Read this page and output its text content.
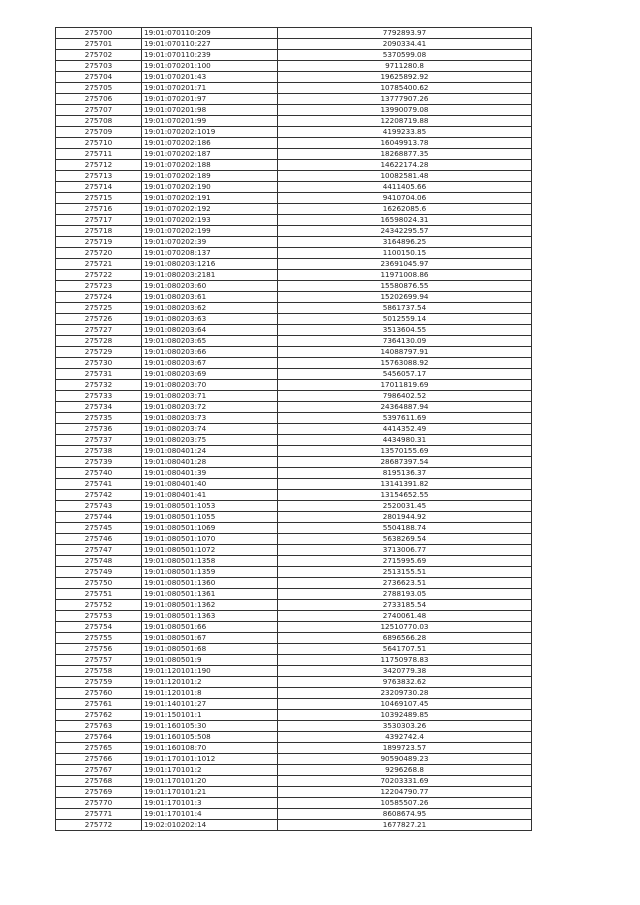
275700	19:01:070110:209	7792893.97
275701	19:01:070110:227	2090334.41
275702	19:01:070110:239	5370599.08
275703	19:01:070201:100	9711280.8
275704	19:01:070201:43	19625892.92
275705	19:01:070201:71	10785400.62
275706	19:01:070201:97	13777907.26
275707	19:01:070201:98	13990079.08
275708	19:01:070201:99	12208719.88
275709	19:01:070202:1019	4199233.85
275710	19:01:070202:186	16049913.78
275711	19:01:070202:187	18268877.35
275712	19:01:070202:188	14622174.28
275713	19:01:070202:189	10082581.48
275714	19:01:070202:190	4411405.66
275715	19:01:070202:191	9410704.06
275716	19:01:070202:192	16262085.6
275717	19:01:070202:193	16598024.31
275718	19:01:070202:199	24342295.57
275719	19:01:070202:39	3164896.25
275720	19:01:070208:137	1100150.15
275721	19:01:080203:1216	23691045.97
275722	19:01:080203:2181	11971008.86
275723	19:01:080203:60	15580876.55
275724	19:01:080203:61	15202699.94
275725	19:01:080203:62	5861737.54
275726	19:01:080203:63	5012559.14
275727	19:01:080203:64	3513604.55
275728	19:01:080203:65	7364130.09
275729	19:01:080203:66	14088797.91
275730	19:01:080203:67	15763088.92
275731	19:01:080203:69	5456057.17
275732	19:01:080203:70	17011819.69
275733	19:01:080203:71	7986402.52
275734	19:01:080203:72	24364887.94
275735	19:01:080203:73	5397611.69
275736	19:01:080203:74	4414352.49
275737	19:01:080203:75	4434980.31
275738	19:01:080401:24	13570155.69
275739	19:01:080401:28	28687397.54
275740	19:01:080401:39	8195136.37
275741	19:01:080401:40	13141391.82
275742	19:01:080401:41	13154652.55
275743	19:01:080501:1053	2520031.45
275744	19:01:080501:1055	2801944.92
275745	19:01:080501:1069	5504188.74
275746	19:01:080501:1070	5638269.54
275747	19:01:080501:1072	3713006.77
275748	19:01:080501:1358	2715995.69
275749	19:01:080501:1359	2513155.51
275750	19:01:080501:1360	2736623.51
275751	19:01:080501:1361	2788193.05
275752	19:01:080501:1362	2733185.54
275753	19:01:080501:1363	2740061.48
275754	19:01:080501:66	12510770.03
275755	19:01:080501:67	6896566.28
275756	19:01:080501:68	5641707.51
275757	19:01:080501:9	11750978.83
275758	19:01:120101:190	3420779.38
275759	19:01:120101:2	9763832.62
275760	19:01:120101:8	23209730.28
275761	19:01:140101:27	10469107.45
275762	19:01:150101:1	10392489.85
275763	19:01:160105:30	3530303.26
275764	19:01:160105:508	4392742.4
275765	19:01:160108:70	1899723.57
275766	19:01:170101:1012	90590489.23
275767	19:01:170101:2	9296268.8
275768	19:01:170101:20	70203331.69
275769	19:01:170101:21	12204790.77
275770	19:01:170101:3	10585507.26
275771	19:01:170101:4	8608674.95
275772	19:02:010202:14	1677827.21
